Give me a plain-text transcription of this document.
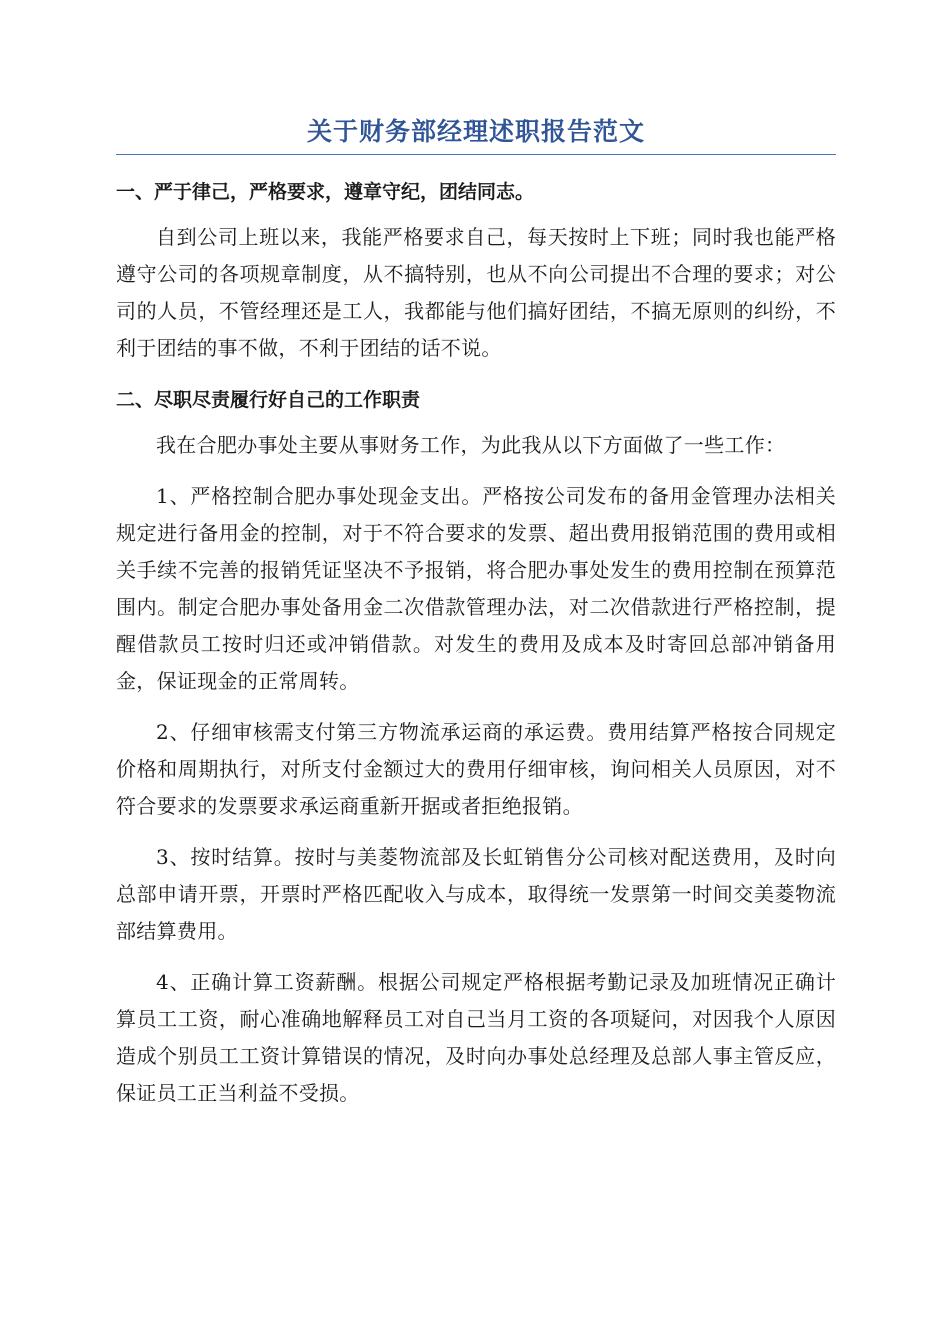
关于财务部经理述职报告范文

一、严于律己，严格要求，遵章守纪，团结同志。

自到公司上班以来，我能严格要求自己，每天按时上下班；同时我也能严格遵守公司的各项规章制度，从不搞特别，也从不向公司提出不合理的要求；对公司的人员，不管经理还是工人，我都能与他们搞好团结，不搞无原则的纠纷，不利于团结的事不做，不利于团结的话不说。

二、尽职尽责履行好自己的工作职责

我在合肥办事处主要从事财务工作，为此我从以下方面做了一些工作：

1、严格控制合肥办事处现金支出。严格按公司发布的备用金管理办法相关规定进行备用金的控制，对于不符合要求的发票、超出费用报销范围的费用或相关手续不完善的报销凭证坚决不予报销，将合肥办事处发生的费用控制在预算范围内。制定合肥办事处备用金二次借款管理办法，对二次借款进行严格控制，提醒借款员工按时归还或冲销借款。对发生的费用及成本及时寄回总部冲销备用金，保证现金的正常周转。

2、仔细审核需支付第三方物流承运商的承运费。费用结算严格按合同规定价格和周期执行，对所支付金额过大的费用仔细审核，询问相关人员原因，对不符合要求的发票要求承运商重新开据或者拒绝报销。

3、按时结算。按时与美菱物流部及长虹销售分公司核对配送费用，及时向总部申请开票，开票时严格匹配收入与成本，取得统一发票第一时间交美菱物流部结算费用。

4、正确计算工资薪酬。根据公司规定严格根据考勤记录及加班情况正确计算员工工资，耐心准确地解释员工对自己当月工资的各项疑问，对因我个人原因造成个别员工工资计算错误的情况，及时向办事处总经理及总部人事主管反应，保证员工正当利益不受损。
